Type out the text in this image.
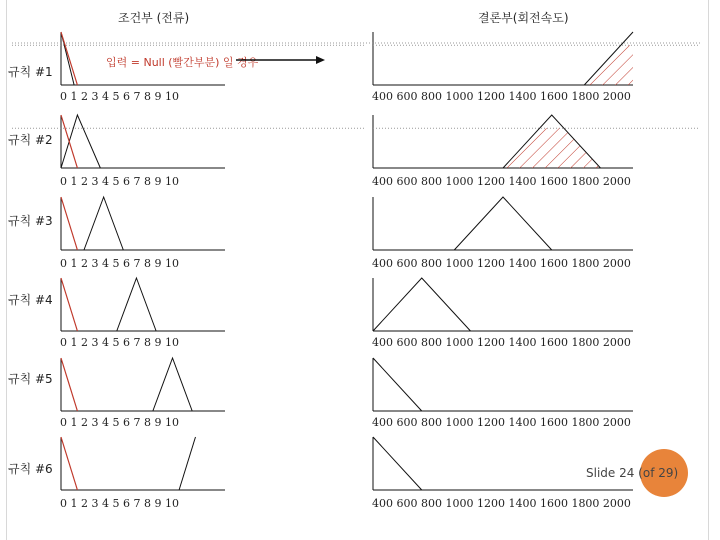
조건부 (전류)	결론부(회전속도)
규칙 #1
규칙 #2
규칙 #3
규칙 #4
규칙 #5
규칙 #6
0 1 2 3 4 5 6 7 8 9 10
0 1 2 3 4 5 6 7 8 9 10
0 1 2 3 4 5 6 7 8 9 10
0 1 2 3 4 5 6 7 8 9 10
0 1 2 3 4 5 6 7 8 9 10
0 1 2 3 4 5 6 7 8 9 10
400 600 800 1000 1200 1400 1600 1800 2000
400 600 800 1000 1200 1400 1600 1800 2000
400 600 800 1000 1200 1400 1600 1800 2000
400 600 800 1000 1200 1400 1600 1800 2000
400 600 800 1000 1200 1400 1600 1800 2000
400 600 800 1000 1200 1400 1600 1800 2000
입력 = Null (빨간부분) 일 경우
Slide 24 (of 29)
